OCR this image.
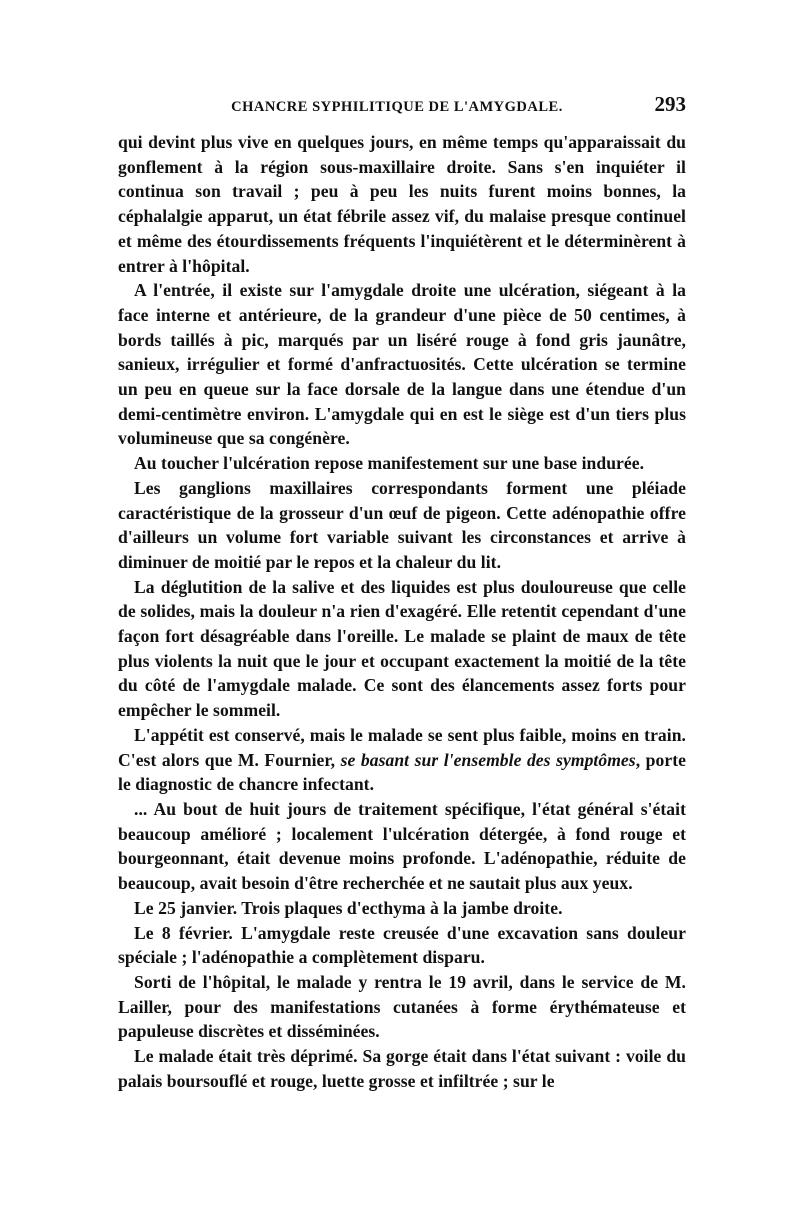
CHANCRE SYPHILITIQUE DE L'AMYGDALE.	293

qui devint plus vive en quelques jours, en même temps qu'apparaissait du gonflement à la région sous-maxillaire droite. Sans s'en inquiéter il continua son travail ; peu à peu les nuits furent moins bonnes, la céphalalgie apparut, un état fébrile assez vif, du malaise presque continuel et même des étourdissements fréquents l'inquiétèrent et le déterminèrent à entrer à l'hôpital.

A l'entrée, il existe sur l'amygdale droite une ulcération, siégeant à la face interne et antérieure, de la grandeur d'une pièce de 50 centimes, à bords taillés à pic, marqués par un liséré rouge à fond gris jaunâtre, sanieux, irrégulier et formé d'anfractuosités. Cette ulcération se termine un peu en queue sur la face dorsale de la langue dans une étendue d'un demi-centimètre environ. L'amygdale qui en est le siège est d'un tiers plus volumineuse que sa congénère.

Au toucher l'ulcération repose manifestement sur une base indurée.

Les ganglions maxillaires correspondants forment une pléiade caractéristique de la grosseur d'un œuf de pigeon. Cette adénopathie offre d'ailleurs un volume fort variable suivant les circonstances et arrive à diminuer de moitié par le repos et la chaleur du lit.

La déglutition de la salive et des liquides est plus douloureuse que celle de solides, mais la douleur n'a rien d'exagéré. Elle retentit cependant d'une façon fort désagréable dans l'oreille. Le malade se plaint de maux de tête plus violents la nuit que le jour et occupant exactement la moitié de la tête du côté de l'amygdale malade. Ce sont des élancements assez forts pour empêcher le sommeil.

L'appétit est conservé, mais le malade se sent plus faible, moins en train. C'est alors que M. Fournier, se basant sur l'ensemble des symptômes, porte le diagnostic de chancre infectant.

... Au bout de huit jours de traitement spécifique, l'état général s'était beaucoup amélioré ; localement l'ulcération détergée, à fond rouge et bourgeonnant, était devenue moins profonde. L'adénopathie, réduite de beaucoup, avait besoin d'être recherchée et ne sautait plus aux yeux.

Le 25 janvier. Trois plaques d'ecthyma à la jambe droite.

Le 8 février. L'amygdale reste creusée d'une excavation sans douleur spéciale ; l'adénopathie a complètement disparu.

Sorti de l'hôpital, le malade y rentra le 19 avril, dans le service de M. Lailler, pour des manifestations cutanées à forme érythémateuse et papuleuse discrètes et disséminées.

Le malade était très déprimé. Sa gorge était dans l'état suivant : voile du palais boursouflé et rouge, luette grosse et infiltrée ; sur le
